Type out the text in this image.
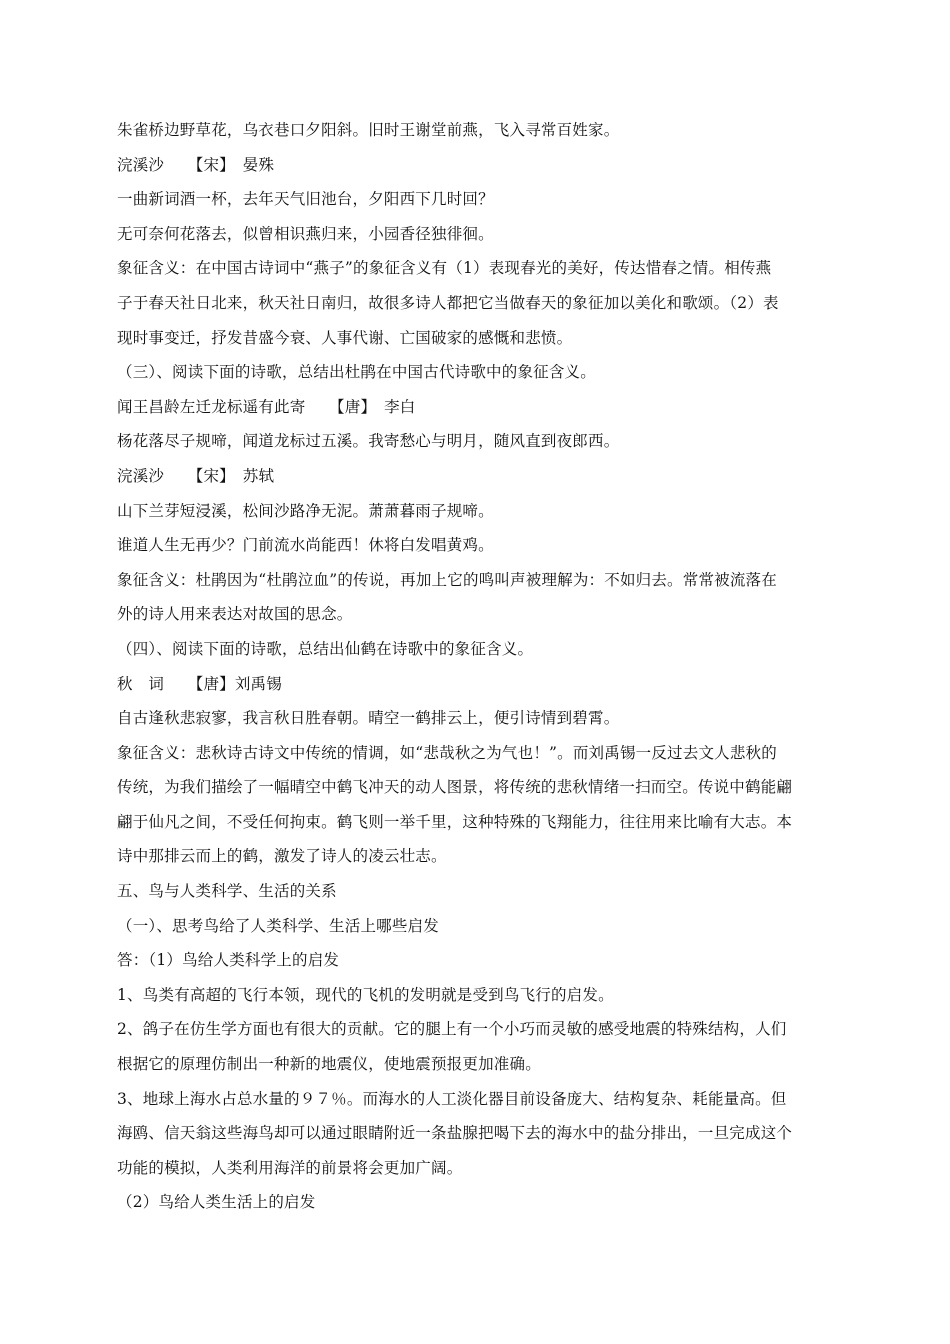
朱雀桥边野草花，乌衣巷口夕阳斜。旧时王谢堂前燕，飞入寻常百姓家。
浣溪沙　　【宋】　晏殊
一曲新词酒一杯，去年天气旧池台，夕阳西下几时回？
无可奈何花落去，似曾相识燕归来，小园香径独徘徊。
象征含义：在中国古诗词中“燕子”的象征含义有（1）表现春光的美好，传达惜春之情。相传燕
子于春天社日北来，秋天社日南归，故很多诗人都把它当做春天的象征加以美化和歌颂。（2）表
现时事变迁，抒发昔盛今衰、人事代谢、亡国破家的感慨和悲愤。
（三）、阅读下面的诗歌，总结出杜鹃在中国古代诗歌中的象征含义。
闻王昌龄左迁龙标遥有此寄　　【唐】　李白
杨花落尽子规啼，闻道龙标过五溪。我寄愁心与明月，随风直到夜郎西。
浣溪沙　　【宋】　苏轼
山下兰芽短浸溪，松间沙路净无泥。萧萧暮雨子规啼。
谁道人生无再少？门前流水尚能西！休将白发唱黄鸡。
象征含义：杜鹃因为“杜鹃泣血”的传说，再加上它的鸣叫声被理解为：不如归去。常常被流落在
外的诗人用来表达对故国的思念。
（四）、阅读下面的诗歌，总结出仙鹤在诗歌中的象征含义。
秋　词　　【唐】刘禹锡
自古逢秋悲寂寥，我言秋日胜春朝。晴空一鹤排云上，便引诗情到碧霄。
象征含义：悲秋诗古诗文中传统的情调，如“悲哉秋之为气也！”。而刘禹锡一反过去文人悲秋的
传统，为我们描绘了一幅晴空中鹤飞冲天的动人图景，将传统的悲秋情绪一扫而空。传说中鹤能翩
翩于仙凡之间，不受任何拘束。鹤飞则一举千里，这种特殊的飞翔能力，往往用来比喻有大志。本
诗中那排云而上的鹤，激发了诗人的凌云壮志。
五、鸟与人类科学、生活的关系
（一）、思考鸟给了人类科学、生活上哪些启发
答：（1）鸟给人类科学上的启发
1、鸟类有高超的飞行本领，现代的飞机的发明就是受到鸟飞行的启发。
2、鸽子在仿生学方面也有很大的贡献。它的腿上有一个小巧而灵敏的感受地震的特殊结构，人们
根据它的原理仿制出一种新的地震仪，使地震预报更加准确。
3、地球上海水占总水量的９７％。而海水的人工淡化器目前设备庞大、结构复杂、耗能量高。但
海鸥、信天翁这些海鸟却可以通过眼睛附近一条盐腺把喝下去的海水中的盐分排出，一旦完成这个
功能的模拟，人类利用海洋的前景将会更加广阔。
（2）鸟给人类生活上的启发
